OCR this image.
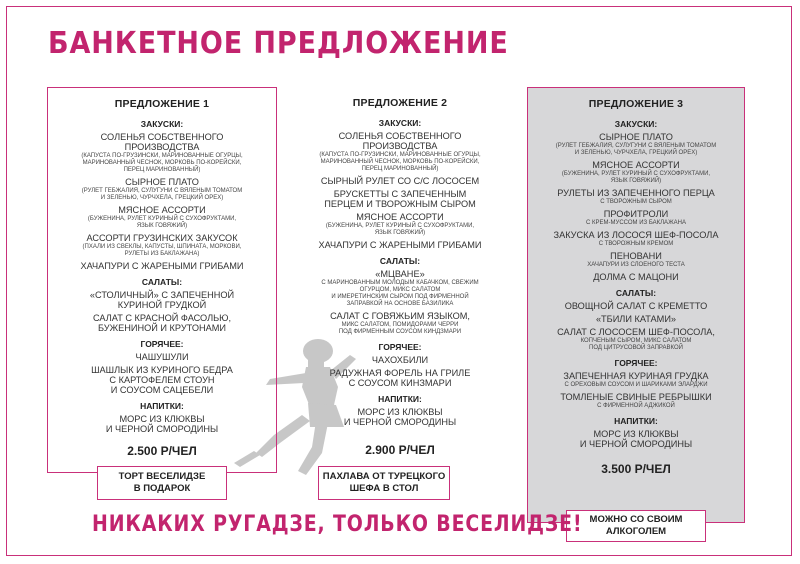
БАНКЕТНОЕ ПРЕДЛОЖЕНИЕ
ПРЕДЛОЖЕНИЕ 1
ЗАКУСКИ:
СОЛЕНЬЯ СОБСТВЕННОГО
ПРОИЗВОДСТВА
(КАПУСТА ПО-ГРУЗИНСКИ, МАРИНОВАННЫЕ ОГУРЦЫ,
МАРИНОВАННЫЙ ЧЕСНОК, МОРКОВЬ ПО-КОРЕЙСКИ,
ПЕРЕЦ МАРИНОВАННЫЙ)
СЫРНОЕ ПЛАТО
(РУЛЕТ ГЕБЖАЛИЯ, СУЛУГУНИ С ВЯЛЕНЫМ ТОМАТОМ
И ЗЕЛЕНЬЮ, ЧУРЧХЕЛА, ГРЕЦКИЙ ОРЕХ)
МЯСНОЕ АССОРТИ
(БУЖЕНИНА, РУЛЕТ КУРИНЫЙ С СУХОФРУКТАМИ,
ЯЗЫК ГОВЯЖИЙ)
АССОРТИ ГРУЗИНСКИХ ЗАКУСОК
(ПХАЛИ ИЗ СВЕКЛЫ, КАПУСТЫ, ШПИНАТА, МОРКОВИ,
РУЛЕТЫ ИЗ БАКЛАЖАНА)
ХАЧАПУРИ С ЖАРЕНЫМИ ГРИБАМИ
САЛАТЫ:
«СТОЛИЧНЫЙ» С ЗАПЕЧЕННОЙ
КУРИНОЙ ГРУДКОЙ
САЛАТ С КРАСНОЙ ФАСОЛЬЮ,
БУЖЕНИНОЙ И КРУТОНАМИ
ГОРЯЧЕЕ:
ЧАШУШУЛИ
ШАШЛЫК ИЗ КУРИНОГО БЕДРА
С КАРТОФЕЛЕМ СТОУН
И СОУСОМ САЦЕБЕЛИ
НАПИТКИ:
МОРС ИЗ КЛЮКВЫ
И ЧЕРНОЙ СМОРОДИНЫ
2.500 Р/ЧЕЛ
ТОРТ ВЕСЕЛИДЗЕ
В ПОДАРОК
ПРЕДЛОЖЕНИЕ 2
ЗАКУСКИ:
СОЛЕНЬЯ СОБСТВЕННОГО
ПРОИЗВОДСТВА
(КАПУСТА ПО-ГРУЗИНСКИ, МАРИНОВАННЫЕ ОГУРЦЫ,
МАРИНОВАННЫЙ ЧЕСНОК, МОРКОВЬ ПО-КОРЕЙСКИ,
ПЕРЕЦ МАРИНОВАННЫЙ)
СЫРНЫЙ РУЛЕТ СО С/С ЛОСОСЕМ
БРУСКЕТТЫ С ЗАПЕЧЕННЫМ
ПЕРЦЕМ И ТВОРОЖНЫМ СЫРОМ
МЯСНОЕ АССОРТИ
(БУЖЕНИНА, РУЛЕТ КУРИНЫЙ С СУХОФРУКТАМИ,
ЯЗЫК ГОВЯЖИЙ)
ХАЧАПУРИ С ЖАРЕНЫМИ ГРИБАМИ
САЛАТЫ:
«МЦВАНЕ»
С МАРИНОВАННЫМ МОЛОДЫМ КАБАЧКОМ, СВЕЖИМ
ОГУРЦОМ, МИКС САЛАТОМ
И ИМЕРЕТИНСКИМ СЫРОМ ПОД ФИРМЕННОЙ
ЗАПРАВКОЙ НА ОСНОВЕ БАЗИЛИКА
САЛАТ С ГОВЯЖЬИМ ЯЗЫКОМ,
МИКС САЛАТОМ, ПОМИДОРАМИ ЧЕРРИ
ПОД ФИРМЕННЫМ СОУСОМ КИНДЗМАРИ
ГОРЯЧЕЕ:
ЧАХОХБИЛИ
РАДУЖНАЯ ФОРЕЛЬ НА ГРИЛЕ
С СОУСОМ КИНЗМАРИ
НАПИТКИ:
МОРС ИЗ КЛЮКВЫ
И ЧЕРНОЙ СМОРОДИНЫ
2.900 Р/ЧЕЛ
ПАХЛАВА ОТ ТУРЕЦКОГО
ШЕФА В СТОЛ
ПРЕДЛОЖЕНИЕ 3
ЗАКУСКИ:
СЫРНОЕ ПЛАТО
(РУЛЕТ ГЕБЖАЛИЯ, СУЛУГУНИ С ВЯЛЕНЫМ ТОМАТОМ
И ЗЕЛЕНЬЮ, ЧУРЧХЕЛА, ГРЕЦКИЙ ОРЕХ)
МЯСНОЕ АССОРТИ
(БУЖЕНИНА, РУЛЕТ КУРИНЫЙ С СУХОФРУКТАМИ,
ЯЗЫК ГОВЯЖИЙ)
РУЛЕТЫ ИЗ ЗАПЕЧЕННОГО ПЕРЦА
С ТВОРОЖНЫМ СЫРОМ
ПРОФИТРОЛИ
С КРЕМ-МУССОМ ИЗ БАКЛАЖАНА
ЗАКУСКА ИЗ ЛОСОСЯ ШЕФ-ПОСОЛА
С ТВОРОЖНЫМ КРЕМОМ
ПЕНОВАНИ
ХАЧАПУРИ ИЗ СЛОЕНОГО ТЕСТА
ДОЛМА С МАЦОНИ
САЛАТЫ:
ОВОЩНОЙ САЛАТ С КРЕМЕТТО
«ТБИЛИ КАТАМИ»
САЛАТ С ЛОСОСЕМ ШЕФ-ПОСОЛА,
КОПЧЕНЫМ СЫРОМ, МИКС САЛАТОМ
ПОД ЦИТРУСОВОЙ ЗАПРАВКОЙ
ГОРЯЧЕЕ:
ЗАПЕЧЕННАЯ КУРИНАЯ ГРУДКА
С ОРЕХОВЫМ СОУСОМ И ШАРИКАМИ ЭЛАРДЖИ
ТОМЛЕНЫЕ СВИНЫЕ РЕБРЫШКИ
С ФИРМЕННОЙ АДЖИКОЙ
НАПИТКИ:
МОРС ИЗ КЛЮКВЫ
И ЧЕРНОЙ СМОРОДИНЫ
3.500 Р/ЧЕЛ
МОЖНО СО СВОИМ
АЛКОГОЛЕМ
НИКАКИХ РУГАДЗЕ, ТОЛЬКО ВЕСЕЛИДЗЕ!
